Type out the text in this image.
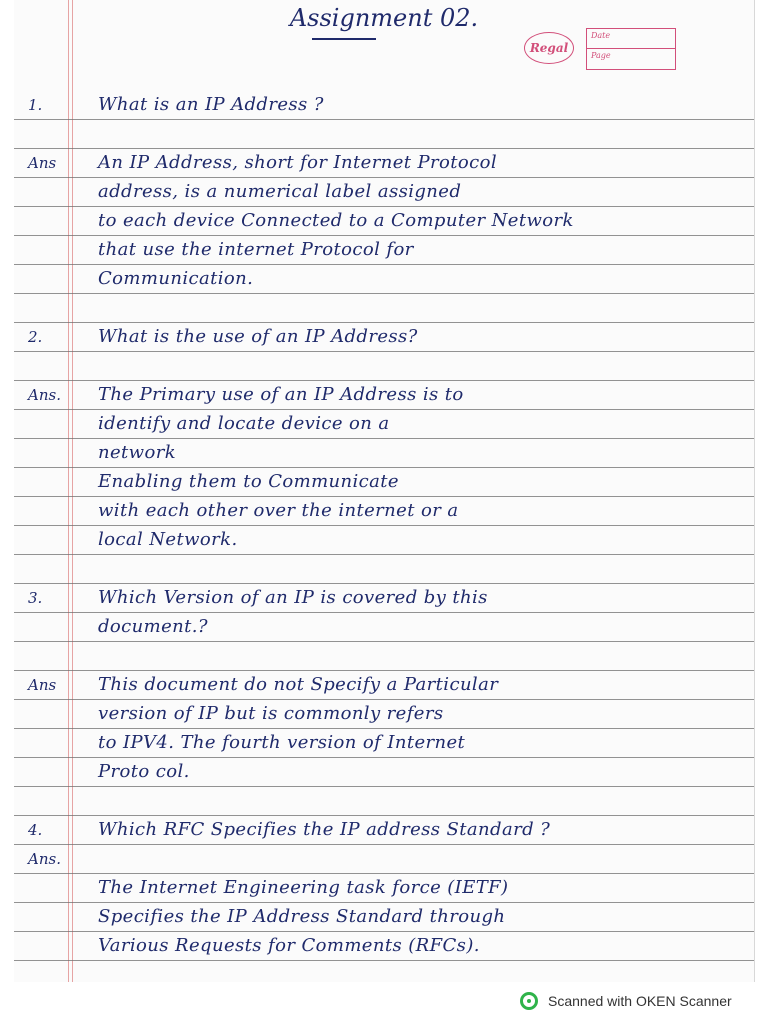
Assignment 02.
Regal
Date
Page
1.	What is an IP Address ?
Ans	An IP Address, short for Internet Protocol
address, is a numerical label assigned
to each device Connected to a Computer Network
that use the internet Protocol for
Communication.
2.	What is the use of an IP Address?
Ans.	The Primary use of an IP Address is to
identify and locate device on a
network
Enabling them to Communicate
with each other over the internet or a
local Network.
3.	Which Version of an IP is covered by this
document.?
Ans	This document do not Specify a Particular
version of IP but is commonly refers
to IPV4. The fourth version of Internet
Proto col.
4.	Which RFC Specifies the IP address Standard ?
Ans.
The Internet Engineering task force (IETF)
Specifies the IP Address Standard through
Various Requests for Comments (RFCs).
Scanned with OKEN Scanner
